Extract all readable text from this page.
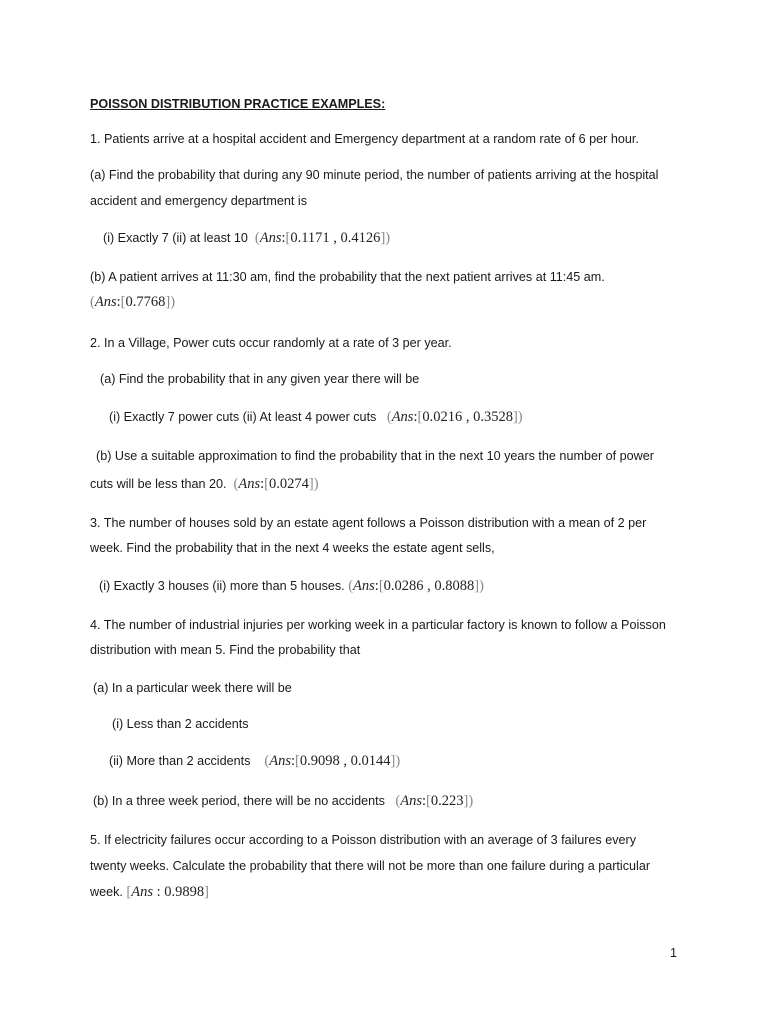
POISSON DISTRIBUTION PRACTICE EXAMPLES:
1. Patients arrive at a hospital accident and Emergency department at a random rate of 6 per hour.
(a) Find the probability that during any 90 minute period, the number of patients arriving at the hospital
accident and emergency department is
(i) Exactly 7 (ii) at least 10 (Ans:[0.1171 , 0.4126])
(b) A patient arrives at 11:30 am, find the probability that the next patient arrives at 11:45 am.
(Ans:[0.7768])
2. In a Village, Power cuts occur randomly at a rate of 3 per year.
(a) Find the probability that in any given year there will be
(i) Exactly 7 power cuts (ii) At least 4 power cuts (Ans:[0.0216 , 0.3528])
(b) Use a suitable approximation to find the probability that in the next 10 years the number of power
cuts will be less than 20. (Ans:[0.0274])
3. The number of houses sold by an estate agent follows a Poisson distribution with a mean of 2 per
week. Find the probability that in the next 4 weeks the estate agent sells,
(i) Exactly 3 houses (ii) more than 5 houses. (Ans:[0.0286 , 0.8088])
4. The number of industrial injuries per working week in a particular factory is known to follow a Poisson
distribution with mean 5. Find the probability that
(a) In a particular week there will be
(i) Less than 2 accidents
(ii) More than 2 accidents (Ans:[0.9098 , 0.0144])
(b) In a three week period, there will be no accidents (Ans:[0.223])
5. If electricity failures occur according to a Poisson distribution with an average of 3 failures every
twenty weeks. Calculate the probability that there will not be more than one failure during a particular
week. [Ans : 0.9898]
1
